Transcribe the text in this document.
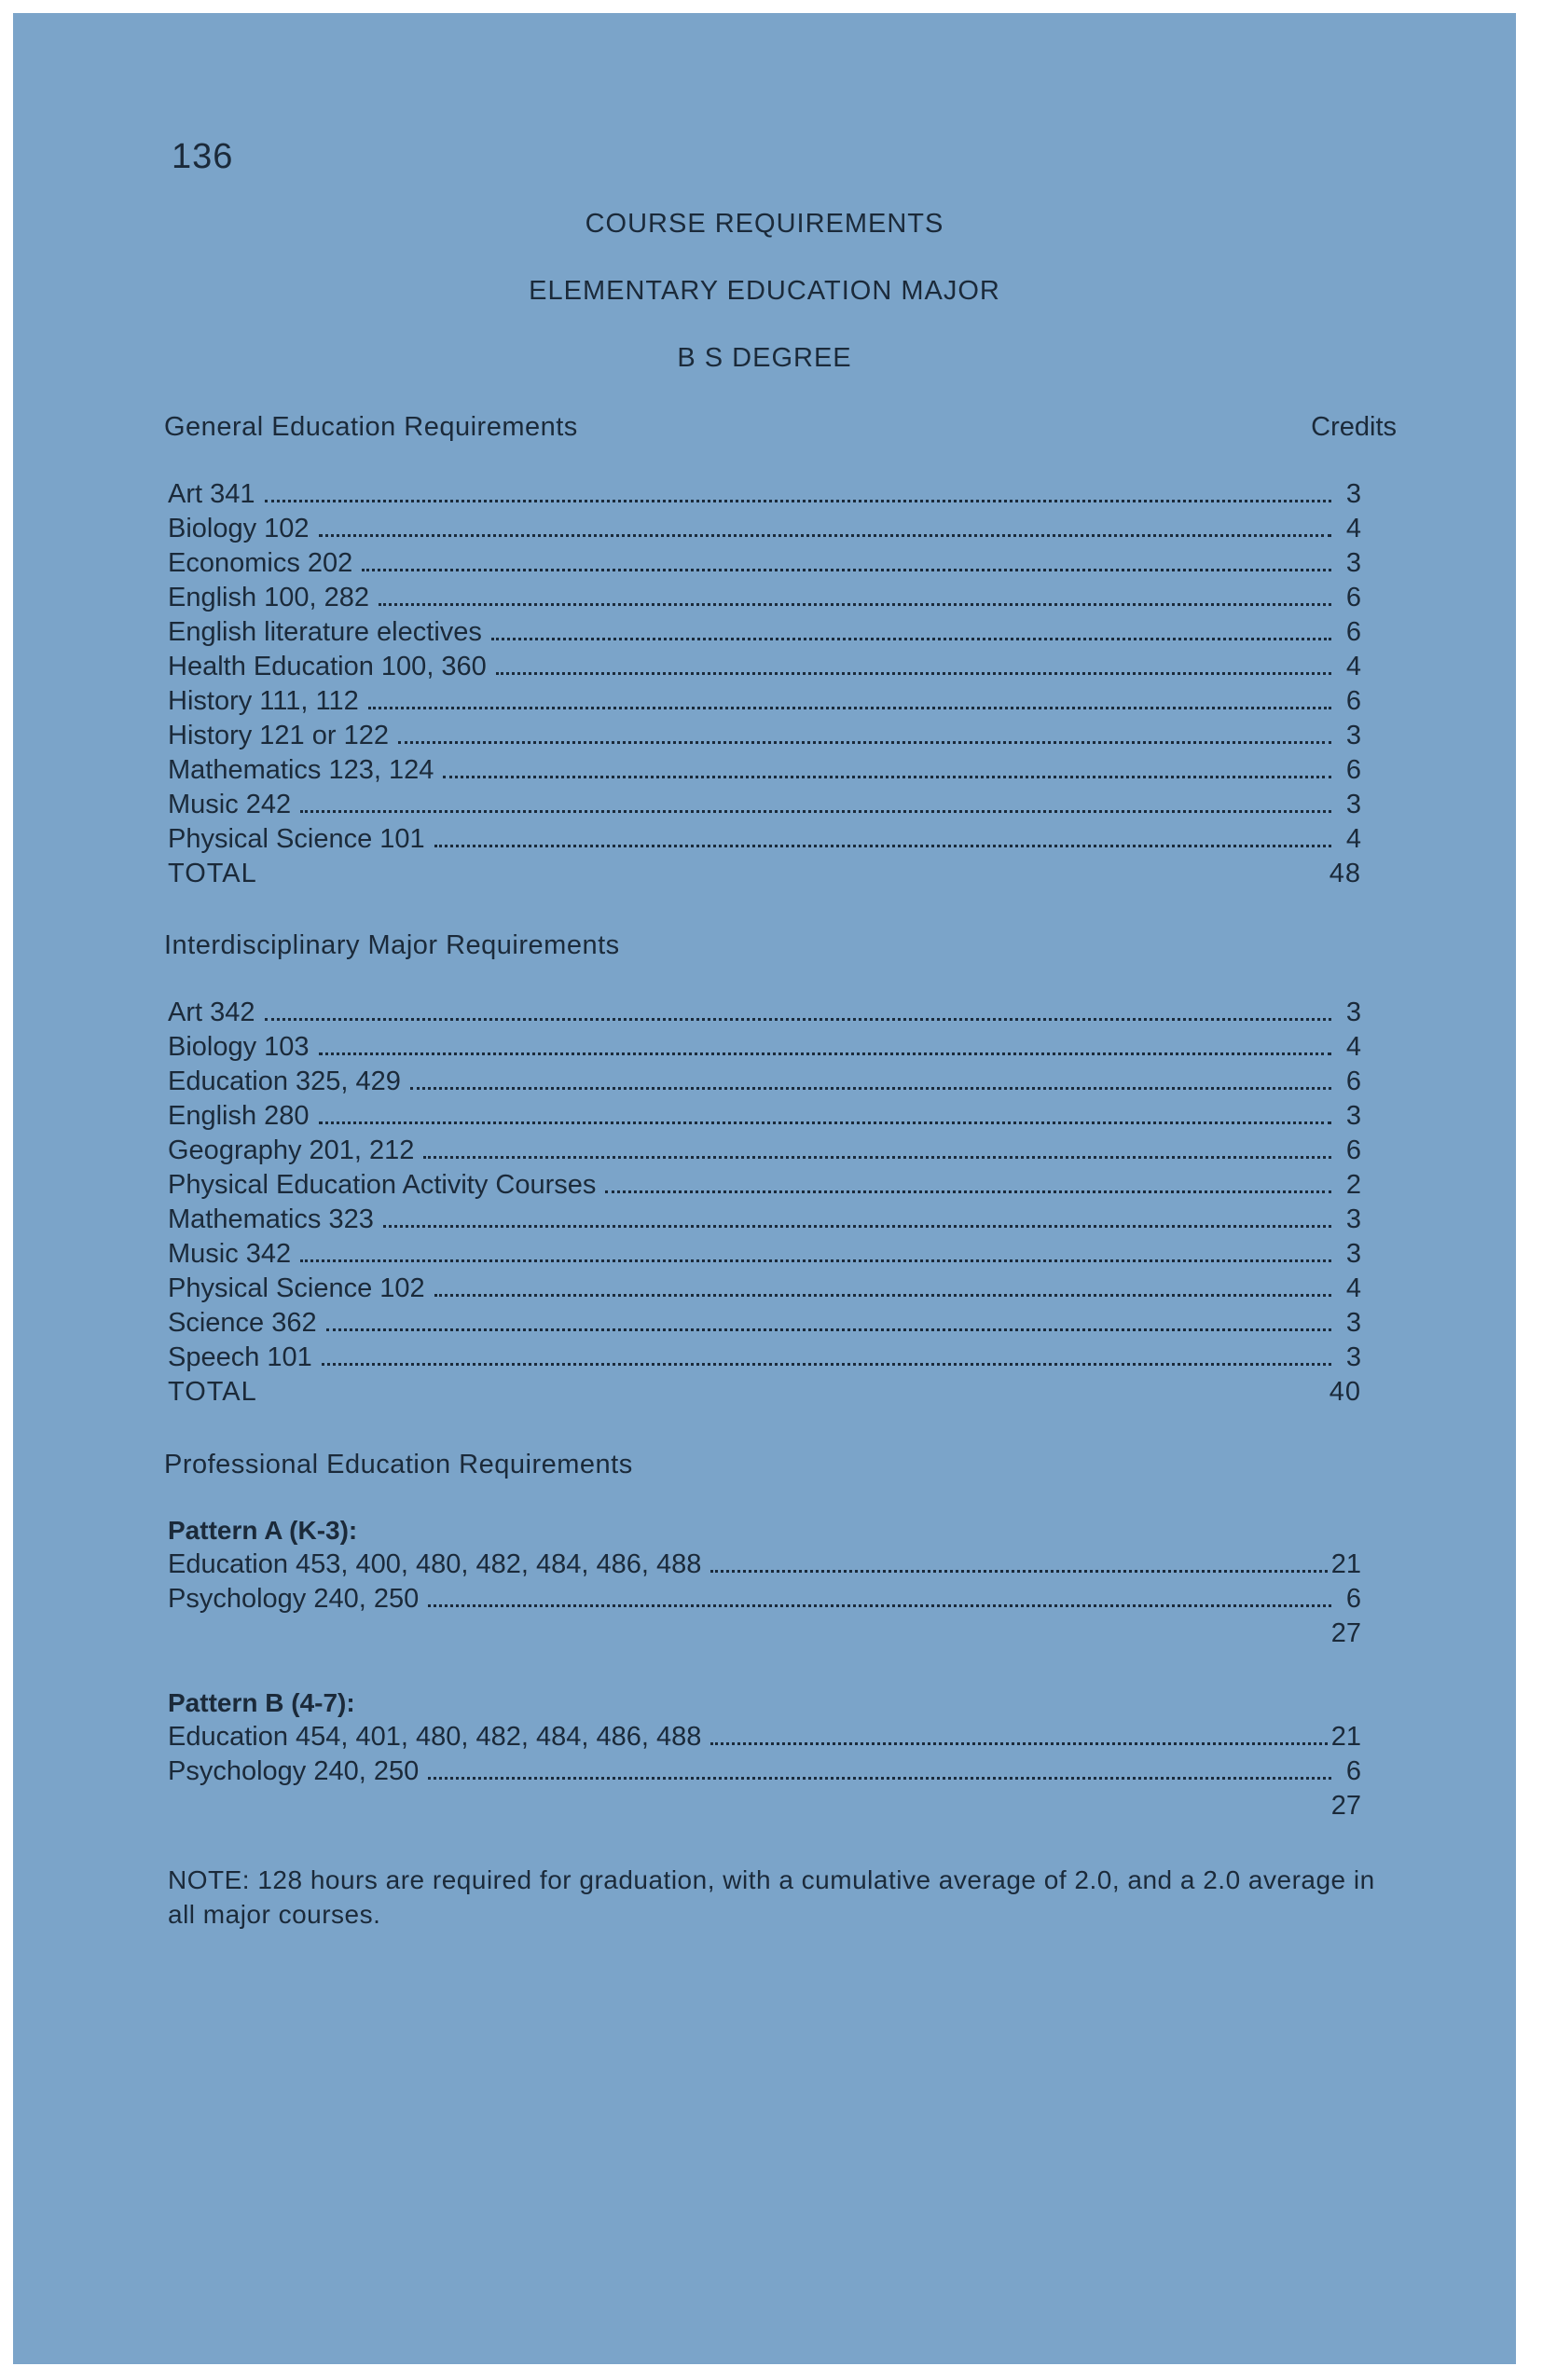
136
COURSE REQUIREMENTS
ELEMENTARY EDUCATION MAJOR
B S DEGREE
General Education Requirements	Credits
Art 341	3
Biology 102	4
Economics 202	3
English 100, 282	6
English literature electives	6
Health Education 100, 360	4
History 111, 112	6
History 121 or 122	3
Mathematics 123, 124	6
Music 242	3
Physical Science 101	4
TOTAL	48
Interdisciplinary Major Requirements
Art 342	3
Biology 103	4
Education 325, 429	6
English 280	3
Geography 201, 212	6
Physical Education Activity Courses	2
Mathematics 323	3
Music 342	3
Physical Science 102	4
Science 362	3
Speech 101	3
TOTAL	40
Professional Education Requirements
Pattern A (K-3):
Education 453, 400, 480, 482, 484, 486, 488	21
Psychology 240, 250	6
27
Pattern B (4-7):
Education 454, 401, 480, 482, 484, 486, 488	21
Psychology 240, 250	6
27
NOTE: 128 hours are required for graduation, with a cumulative average of 2.0, and a 2.0 average in all major courses.
